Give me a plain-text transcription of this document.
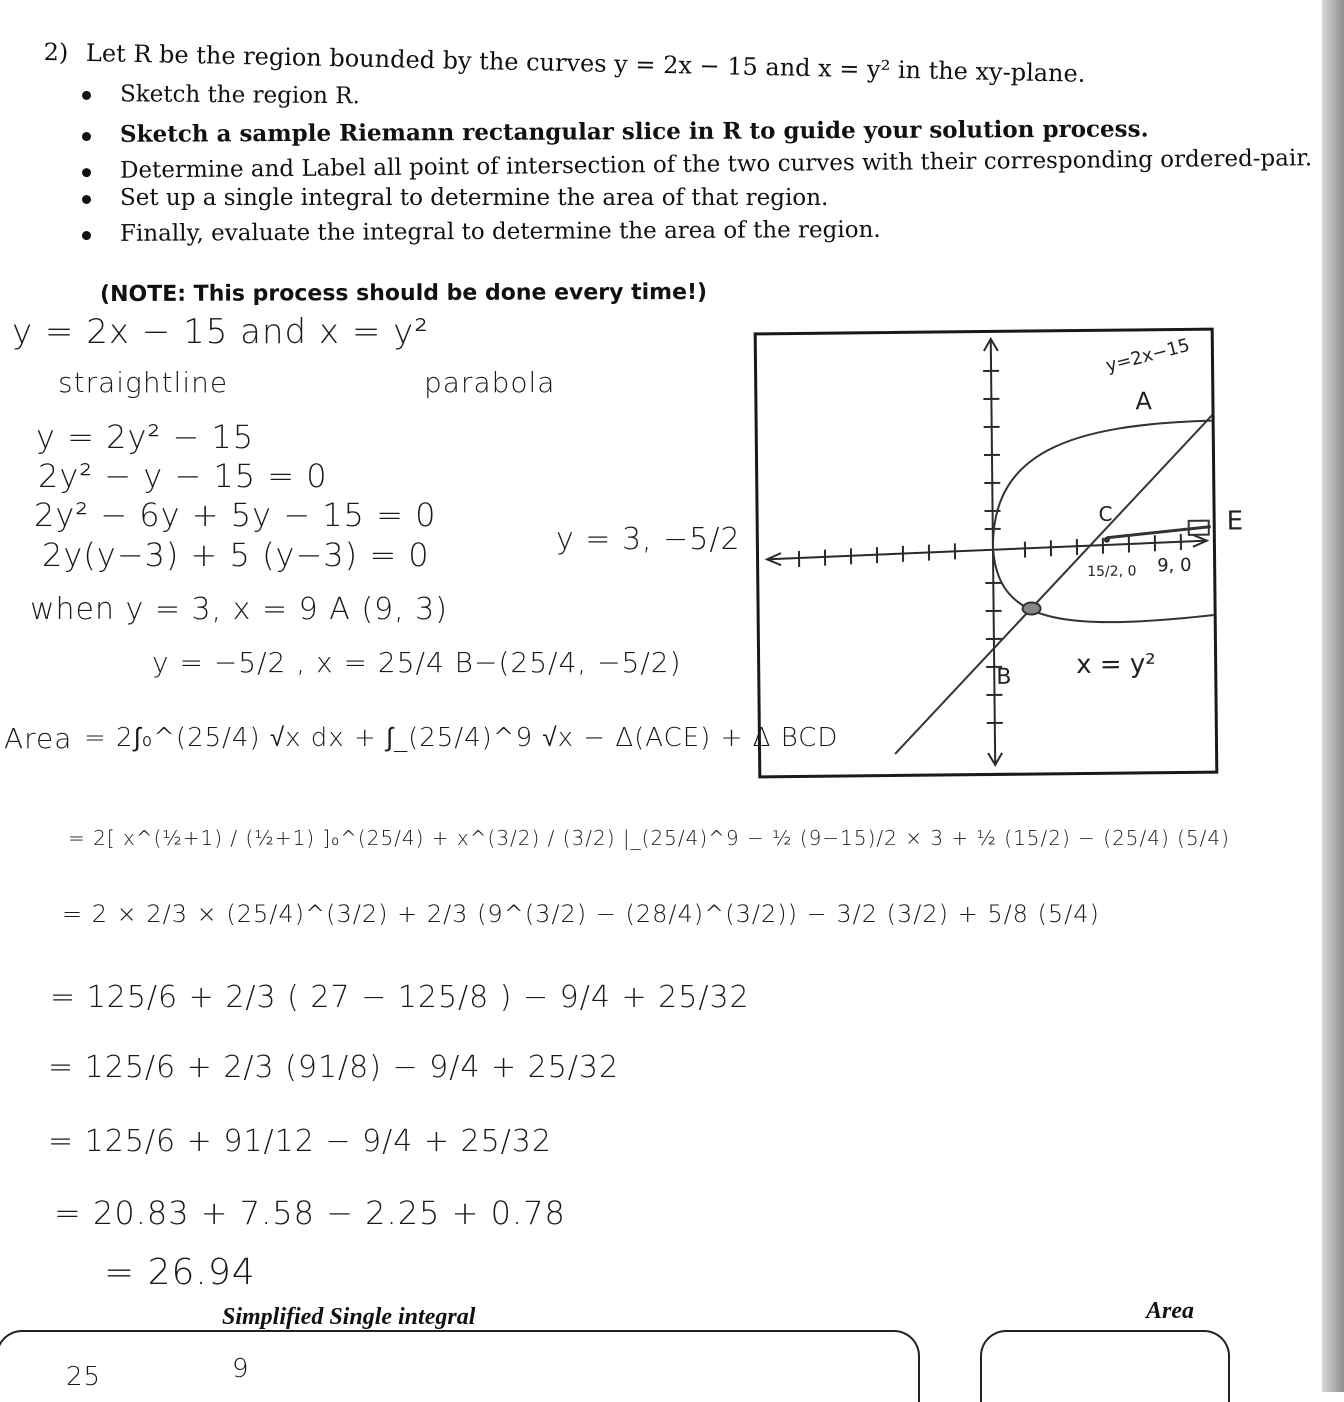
2) Let R be the region bounded by the curves y = 2x − 15 and x = y² in the xy-plane.
Sketch the region R.
Sketch a sample Riemann rectangular slice in R to guide your solution process.
Determine and Label all point of intersection of the two curves with their corresponding ordered-pair.
Set up a single integral to determine the area of that region.
Finally, evaluate the integral to determine the area of the region.
(NOTE: This process should be done every time!)
y = 2x − 15 and x = y²
straightline	parabola
y = 2y² − 15
2y² − y − 15 = 0
2y² − 6y + 5y − 15 = 0
2y(y−3) + 5 (y−3) = 0	y = 3, −5/2
when y = 3, x = 9 A (9, 3)
y = −5/2 , x = 25/4 B−(25/4, −5/2)
Area = 2∫₀^(25/4) √x dx + ∫_(25/4)^9 √x − Δ(ACE) + Δ BCD
= 2[ x^(½+1) / (½+1) ]₀^(25/4) + x^(3/2) / (3/2) |_(25/4)^9 − ½ (9−15)/2 × 3 + ½ (15/2) − (25/4) (5/4)
= 2 × 2/3 × (25/4)^(3/2) + 2/3 (9^(3/2) − (28/4)^(3/2)) − 3/2 (3/2) + 5/8 (5/4)
= 125/6 + 2/3 ( 27 − 125/8 ) − 9/4 + 25/32
= 125/6 + 2/3 (91/8) − 9/4 + 25/32
= 125/6 + 91/12 − 9/4 + 25/32
= 20.83 + 7.58 − 2.25 + 0.78
= 26.94
y=2x−15
A
C	E
15/2, 0 9, 0
B x = y²
Simplified Single integral	Area
25	9
